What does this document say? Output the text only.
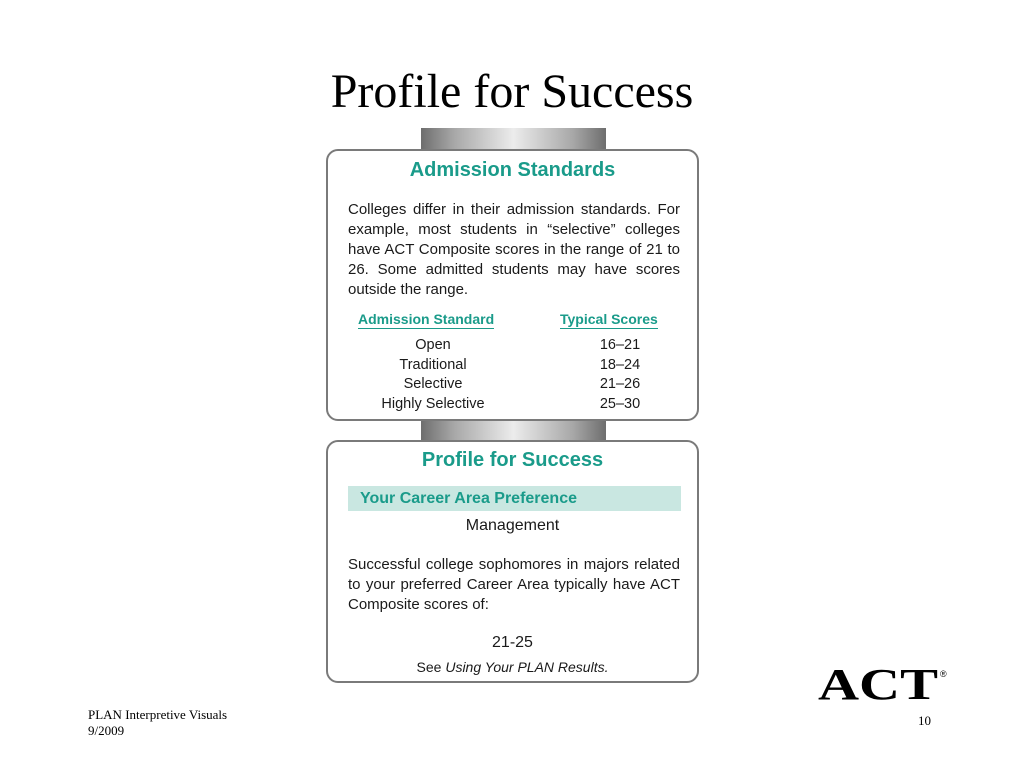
Profile for Success
Admission Standards

Colleges differ in their admission standards. For example, most students in “selective” colleges have ACT Composite scores in the range of 21 to 26. Some admitted students may have scores outside the range.

Admission Standard	Typical Scores
Open	16–21
Traditional	18–24
Selective	21–26
Highly Selective	25–30
Profile for Success
Your Career Area Preference
Management

Successful college sophomores in majors related to your preferred Career Area typically have ACT Composite scores of:

21-25
See Using Your PLAN Results.
PLAN Interpretive Visuals
9/2009
10
ACT ®
